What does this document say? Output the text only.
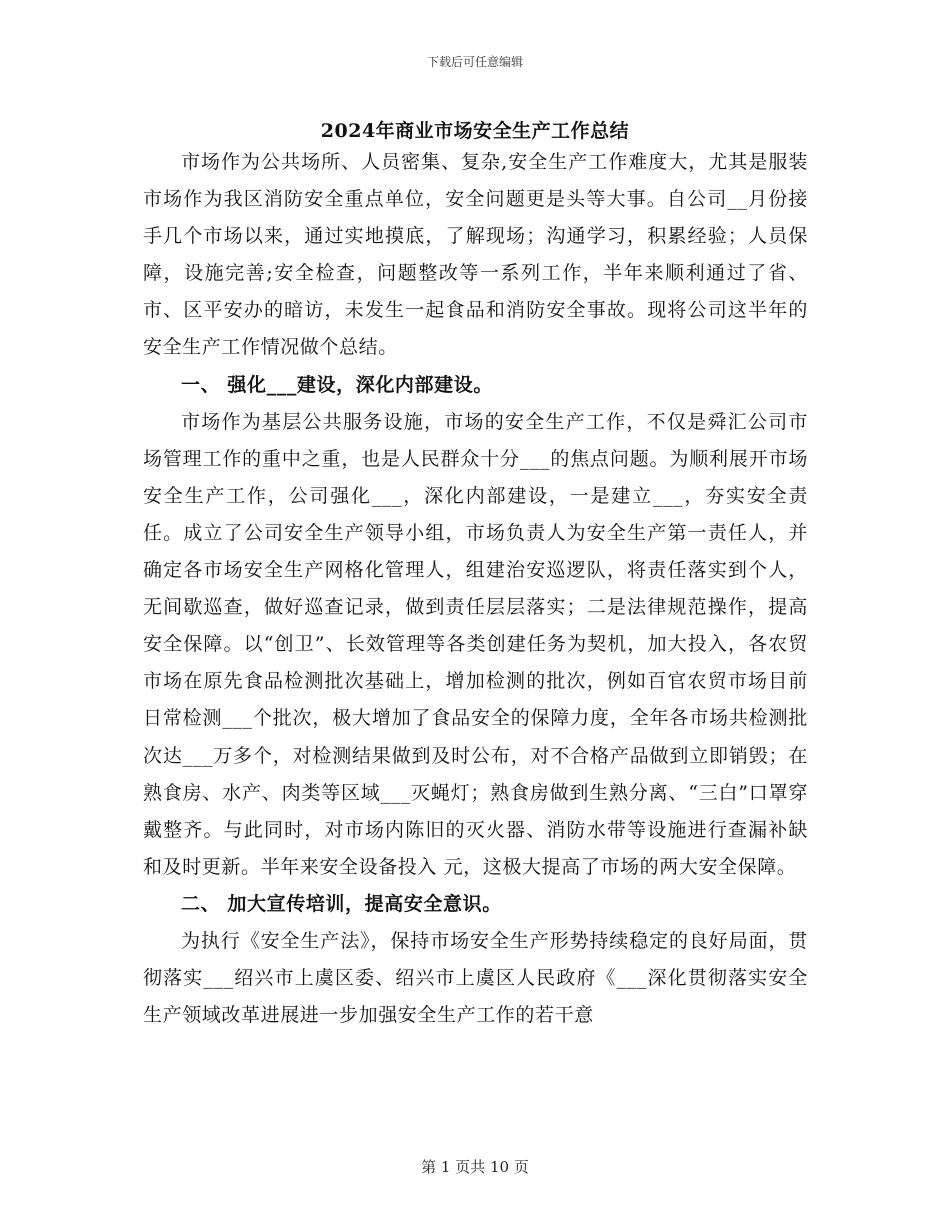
下载后可任意编辑
2024年商业市场安全生产工作总结

市场作为公共场所、人员密集、复杂,安全生产工作难度大，尤其是服装市场作为我区消防安全重点单位，安全问题更是头等大事。自公司__月份接手几个市场以来，通过实地摸底，了解现场；沟通学习，积累经验；人员保障，设施完善;安全检查，问题整改等一系列工作，半年来顺利通过了省、市、区平安办的暗访，未发生一起食品和消防安全事故。现将公司这半年的安全生产工作情况做个总结。

一、 强化___建设，深化内部建设。

市场作为基层公共服务设施，市场的安全生产工作，不仅是舜汇公司市场管理工作的重中之重，也是人民群众十分___的焦点问题。为顺利展开市场安全生产工作，公司强化___，深化内部建设，一是建立___，夯实安全责任。成立了公司安全生产领导小组，市场负责人为安全生产第一责任人，并确定各市场安全生产网格化管理人，组建治安巡逻队，将责任落实到个人，无间歇巡查，做好巡查记录，做到责任层层落实；二是法律规范操作，提高安全保障。以“创卫”、长效管理等各类创建任务为契机，加大投入，各农贸市场在原先食品检测批次基础上，增加检测的批次，例如百官农贸市场目前日常检测___个批次，极大增加了食品安全的保障力度，全年各市场共检测批次达___万多个，对检测结果做到及时公布，对不合格产品做到立即销毁；在熟食房、水产、肉类等区域___灭蝇灯；熟食房做到生熟分离、“三白”口罩穿戴整齐。与此同时，对市场内陈旧的灭火器、消防水带等设施进行查漏补缺和及时更新。半年来安全设备投入 元，这极大提高了市场的两大安全保障。

二、 加大宣传培训，提高安全意识。

为执行《安全生产法》，保持市场安全生产形势持续稳定的良好局面，贯彻落实___绍兴市上虞区委、绍兴市上虞区人民政府《___深化贯彻落实安全生产领域改革进展进一步加强安全生产工作的若干意

第 1 页共 10 页
